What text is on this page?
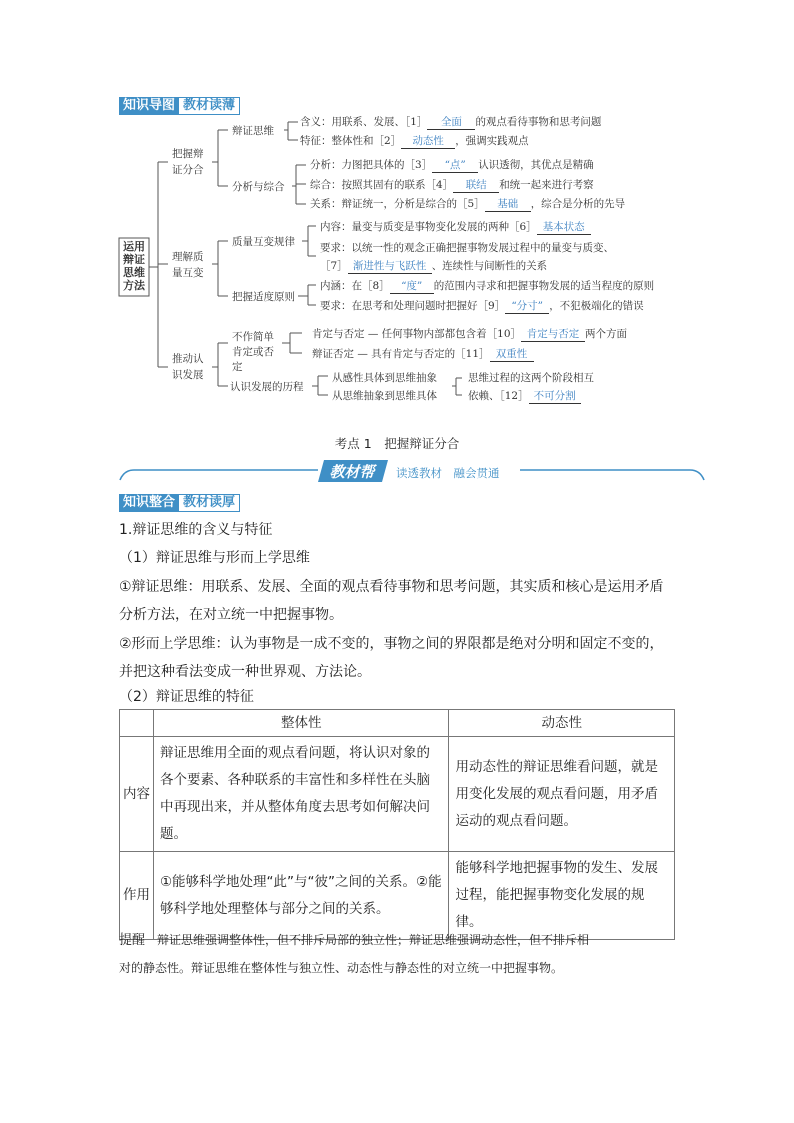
知识导图 教材读薄
运用辩证思维方法
把握辩证分合
辩证思维
含义：用联系、发展、［1］ 全面 的观点看待事物和思考问题
特征：整体性和［2］ 动态性 ，强调实践观点
分析与综合
分析：力图把具体的［3］ “点” 认识透彻，其优点是精确
综合：按照其固有的联系［4］ 联结 和统一起来进行考察
关系：辩证统一，分析是综合的［5］ 基础 ，综合是分析的先导
理解质量互变
质量互变规律
内容：量变与质变是事物变化发展的两种［6］ 基本状态
要求：以统一性的观念正确把握事物发展过程中的量变与质变、
［7］ 渐进性与飞跃性 、连续性与间断性的关系
把握适度原则
内涵：在［8］ “度” 的范围内寻求和把握事物发展的适当程度的原则
要求：在思考和处理问题时把握好［9］ “分寸” ，不犯极端化的错误
推动认识发展
不作简单肯定或否定
肯定与否定 — 任何事物内部都包含着［10］ 肯定与否定 两个方面
辩证否定 — 具有肯定与否定的［11］ 双重性
认识发展的历程
从感性具体到思维抽象
从思维抽象到思维具体
思维过程的这两个阶段相互
依赖、［12］ 不可分割
考点 1　把握辩证分合
教材帮	读透教材　融会贯通
知识整合 教材读厚
1.辩证思维的含义与特征
（1）辩证思维与形而上学思维
①辩证思维：用联系、发展、全面的观点看待事物和思考问题，其实质和核心是运用矛盾
分析方法，在对立统一中把握事物。
②形而上学思维：认为事物是一成不变的，事物之间的界限都是绝对分明和固定不变的，
并把这种看法变成一种世界观、方法论。
（2）辩证思维的特征
	整体性	动态性
内容	辩证思维用全面的观点看问题，将认识对象的各个要素、各种联系的丰富性和多样性在头脑中再现出来，并从整体角度去思考如何解决问题。	用动态性的辩证思维看问题，就是用变化发展的观点看问题，用矛盾运动的观点看问题。
作用	①能够科学地处理“此”与“彼”之间的关系。②能够科学地处理整体与部分之间的关系。	能够科学地把握事物的发生、发展过程，能把握事物变化发展的规律。
提醒 辩证思维强调整体性，但不排斥局部的独立性；辩证思维强调动态性，但不排斥相
对的静态性。辩证思维在整体性与独立性、动态性与静态性的对立统一中把握事物。
